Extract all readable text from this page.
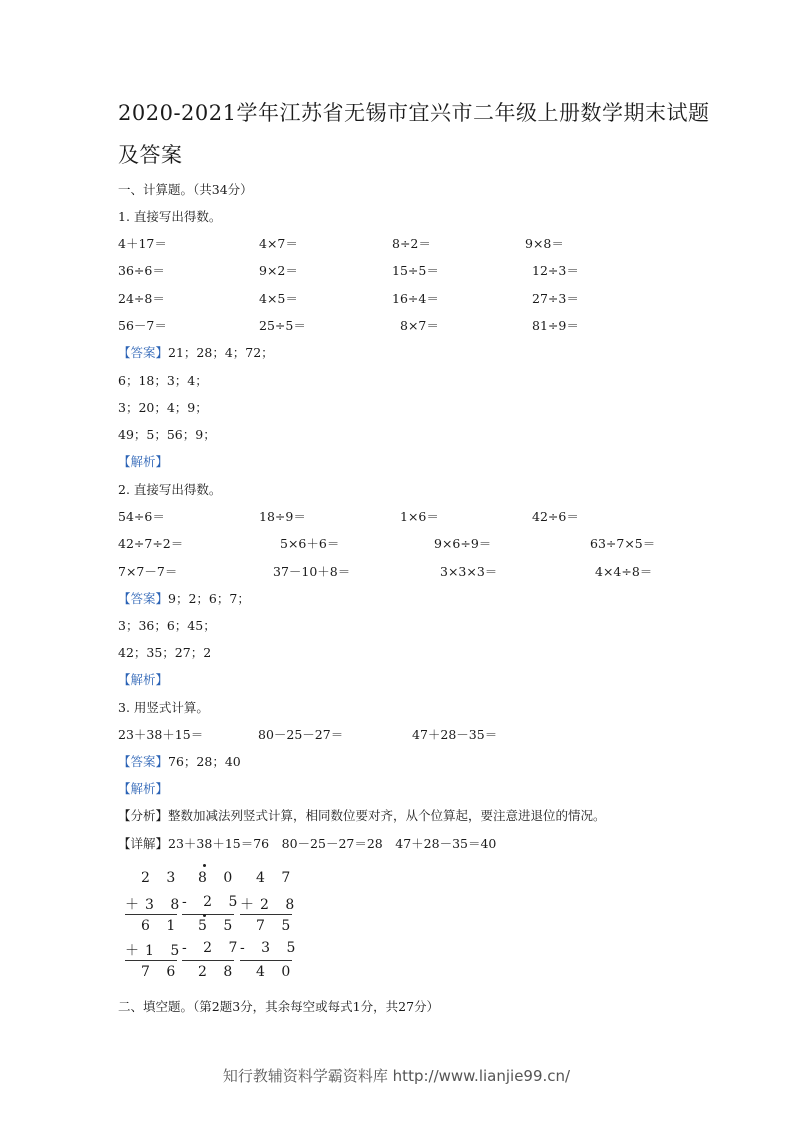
2020-2021学年江苏省无锡市宜兴市二年级上册数学期末试题及答案
一、计算题。（共34分）
1. 直接写出得数。
4＋17＝	4×7＝	8÷2＝	9×8＝
36÷6＝	9×2＝	15÷5＝	12÷3＝
24÷8＝	4×5＝	16÷4＝	27÷3＝
56－7＝	25÷5＝	8×7＝	81÷9＝
【答案】21；28；4；72；
6；18；3；4；
3；20；4；9；
49；5；56；9；
【解析】
2. 直接写出得数。
54÷6＝	18÷9＝	1×6＝	42÷6＝
42÷7÷2＝	5×6＋6＝	9×6÷9＝	63÷7×5＝
7×7－7＝	37－10＋8＝	3×3×3＝	4×4÷8＝
【答案】9；2；6；7；
3；36；6；45；
42；35；27；2
【解析】
3. 用竖式计算。
23＋38＋15＝	80－25－27＝	47＋28－35＝
【答案】76；28；40
【解析】
【分析】整数加减法列竖式计算，相同数位要对齐，从个位算起，要注意进退位的情况。
【详解】23＋38＋15＝76　80－25－27＝28　47＋28－35＝40
2 3
＋3 8
6 1
＋1 5
7 6
8 0
- 2 5
5 5
- 2 7
2 8
4 7
＋2 8
7 5
- 3 5
4 0
二、填空题。（第2题3分，其余每空或每式1分，共27分）
知行教辅资料学霸资料库 http://www.lianjie99.cn/
